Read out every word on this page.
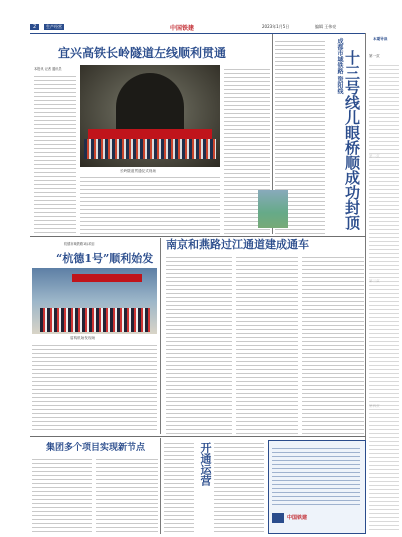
2	生产经营	中国铁建	2023年1月5日	编辑 王伟亮
本期导读
第一页
宜兴高铁长岭隧道左线顺利贯通
本报讯 记者 通讯员
长岭隧道贯通仪式现场
成都市域铁路 资阳线 十三号线儿眼桥顺成功封顶
杭德市域铁路1标项目
“杭德1号”顺利始发
盾构机始发现场
南京和燕路过江通道建成通车
集团多个项目实现新节点	开通运营
中国铁建
